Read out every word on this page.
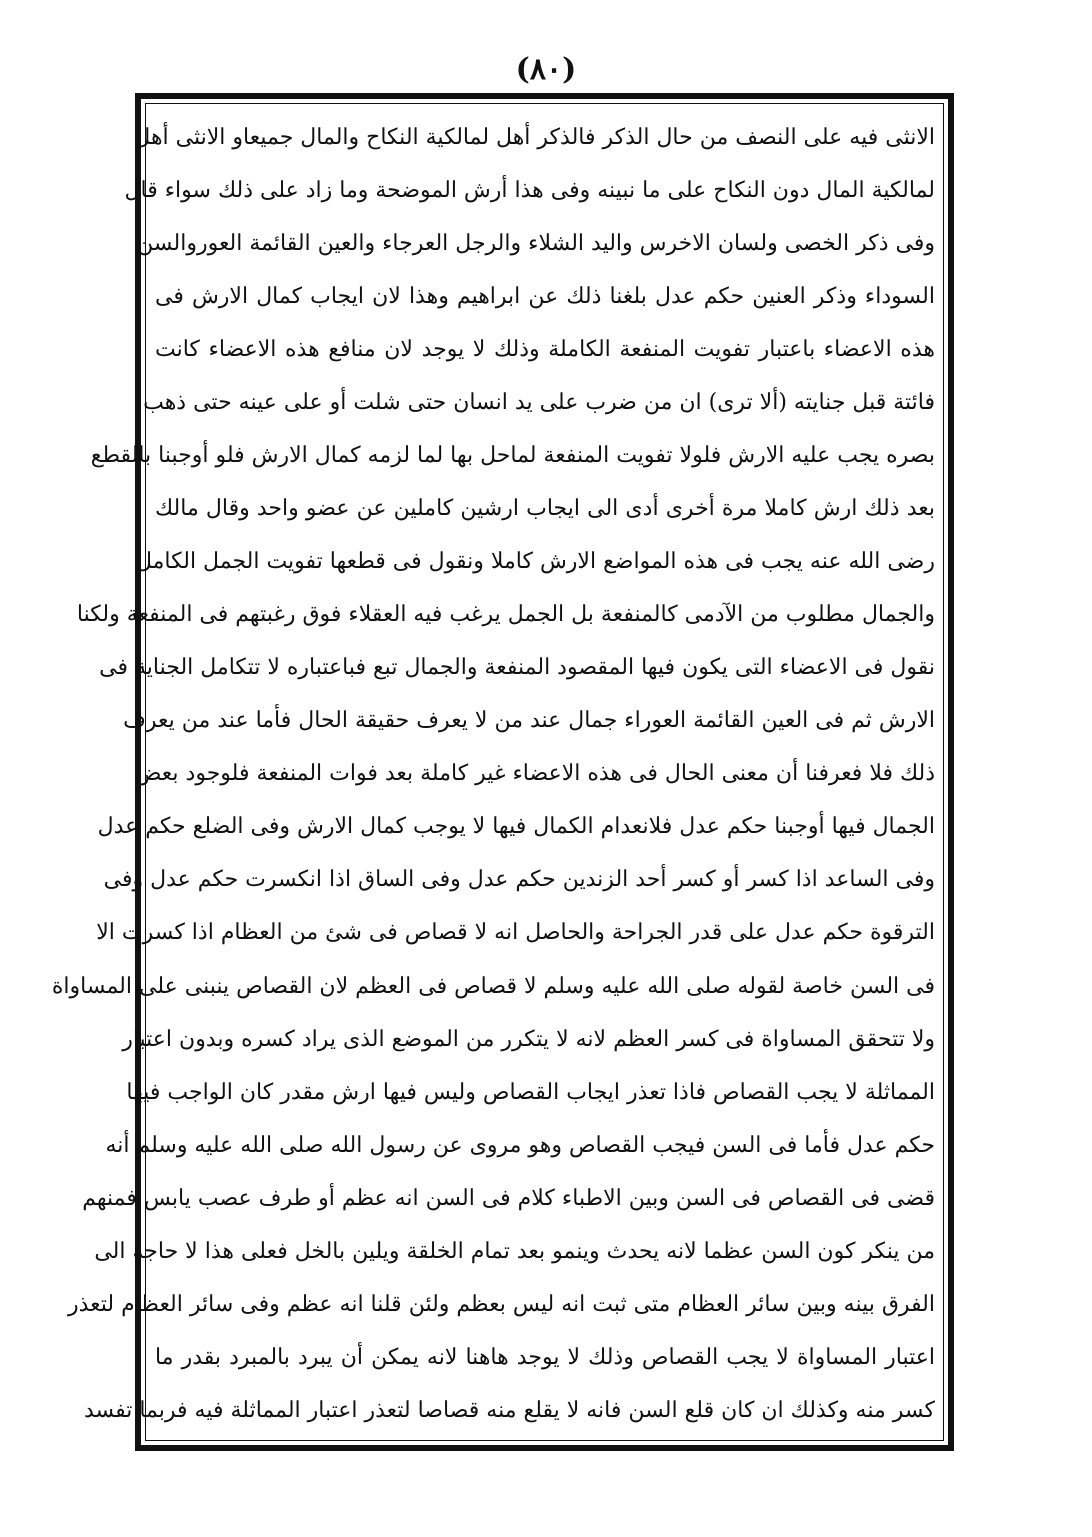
(٨٠)
الانثى فيه على النصف من حال الذكر فالذكر أهل لمالكية النكاح والمال جميعاو الانثى أهل
لمالكية المال دون النكاح على ما نبينه وفى هذا أرش الموضحة وما زاد على ذلك سواء قال
وفى ذكر الخصى ولسان الاخرس واليد الشلاء والرجل العرجاء والعين القائمة العوروالسن
السوداء وذكر العنين حكم عدل بلغنا ذلك عن ابراهيم وهذا لان ايجاب كمال الارش فى
هذه الاعضاء باعتبار تفويت المنفعة الكاملة وذلك لا يوجد لان منافع هذه الاعضاء كانت
فائتة قبل جنايته (ألا ترى) ان من ضرب على يد انسان حتى شلت أو على عينه حتى ذهب
بصره يجب عليه الارش فلولا تفويت المنفعة لماحل بها لما لزمه كمال الارش فلو أوجبنا بالقطع
بعد ذلك ارش كاملا مرة أخرى أدى الى ايجاب ارشين كاملين عن عضو واحد وقال مالك
رضى الله عنه يجب فى هذه المواضع الارش كاملا ونقول فى قطعها تفويت الجمل الكامل
والجمال مطلوب من الآدمى كالمنفعة بل الجمل يرغب فيه العقلاء فوق رغبتهم فى المنفعة ولكنا
نقول فى الاعضاء التى يكون فيها المقصود المنفعة والجمال تبع فباعتباره لا تتكامل الجناية فى
الارش ثم فى العين القائمة العوراء جمال عند من لا يعرف حقيقة الحال فأما عند من يعرف
ذلك فلا فعرفنا أن معنى الحال فى هذه الاعضاء غير كاملة بعد فوات المنفعة فلوجود بعض
الجمال فيها أوجبنا حكم عدل فلانعدام الكمال فيها لا يوجب كمال الارش وفى الضلع حكم عدل
وفى الساعد اذا كسر أو كسر أحد الزندين حكم عدل وفى الساق اذا انكسرت حكم عدل وفى
الترقوة حكم عدل على قدر الجراحة والحاصل انه لا قصاص فى شئ من العظام اذا كسرت الا
فى السن خاصة لقوله صلى الله عليه وسلم لا قصاص فى العظم لان القصاص ينبنى على المساواة
ولا تتحقق المساواة فى كسر العظم لانه لا يتكرر من الموضع الذى يراد كسره وبدون اعتبار
المماثلة لا يجب القصاص فاذا تعذر ايجاب القصاص وليس فيها ارش مقدر كان الواجب فيها
حكم عدل فأما فى السن فيجب القصاص وهو مروى عن رسول الله صلى الله عليه وسلم أنه
قضى فى القصاص فى السن وبين الاطباء كلام فى السن انه عظم أو طرف عصب يابس فمنهم
من ينكر كون السن عظما لانه يحدث وينمو بعد تمام الخلقة ويلين بالخل فعلى هذا لا حاجة الى
الفرق بينه وبين سائر العظام متى ثبت انه ليس بعظم ولئن قلنا انه عظم وفى سائر العظام لتعذر
اعتبار المساواة لا يجب القصاص وذلك لا يوجد هاهنا لانه يمكن أن يبرد بالمبرد بقدر ما
كسر منه وكذلك ان كان قلع السن فانه لا يقلع منه قصاصا لتعذر اعتبار المماثلة فيه فربما تفسد
